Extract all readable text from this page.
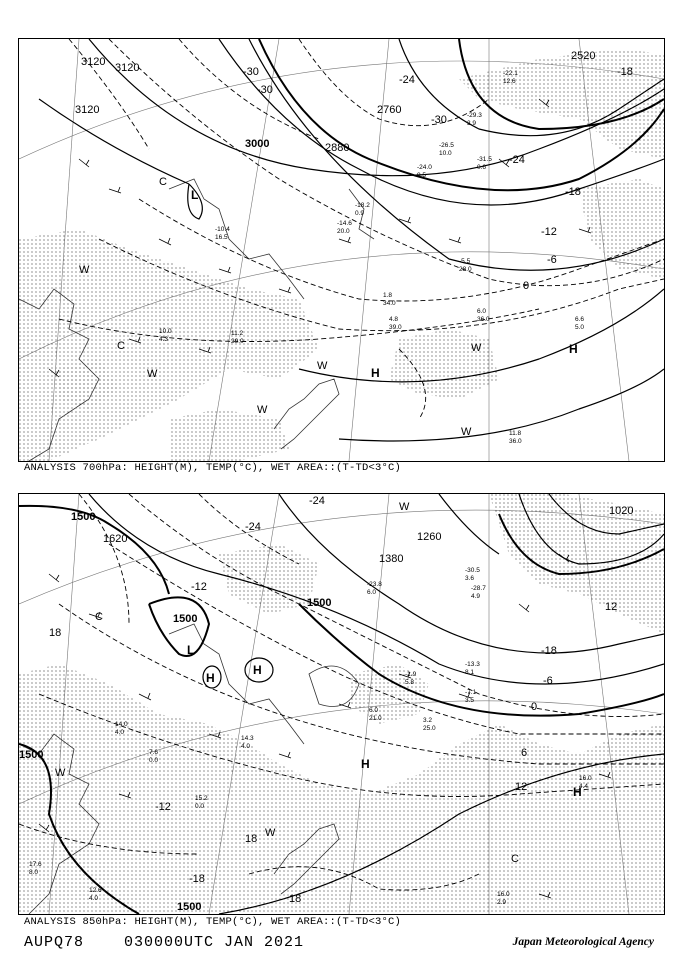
3120 3120
3120
3000	2880
2760
2520
-30
-30
-30
-24
-18
-12
-6
0
-18
-24
L
H
H
W
W
W
W
C
C
W
W
-31.5
0.6
-22.1
12.6
-29.3
3.9
-26.5
10.0
-24.0
9.5
-18.2
0.9
-14.6
20.0
-10.4
16.5
-5.5
28.0
1.8
34.0
4.8
39.0
6.6
5.0
6.0
36.0
11.2
29.0
11.8
36.0
10.0
4.3
ANALYSIS 700hPa: HEIGHT(M), TEMP(°C), WET AREA::(T-TD<3°C)
1500
1620
1500
1500
1380
1260
1020
1500
1500
-24
-12
-18
-6
0
6
12
18
12
18
18
-18
-24
-12
L
H
H
H
H
W
W
W
C
C
-30.5
3.6
-28.7
4.9
-23.8
6.0
-13.3
8.1
-7.1
3.5
-1.9
5.8
3.2
25.0
6.0
21.0
14.3
4.0
14.0
4.0
16.0
4.4
16.0
2.9
7.6
0.0
15.2
0.0
12.6
4.0
17.6
8.0
ANALYSIS 850hPa: HEIGHT(M), TEMP(°C), WET AREA::(T-TD<3°C)
AUPQ78	030000UTC JAN 2021	Japan Meteorological Agency
